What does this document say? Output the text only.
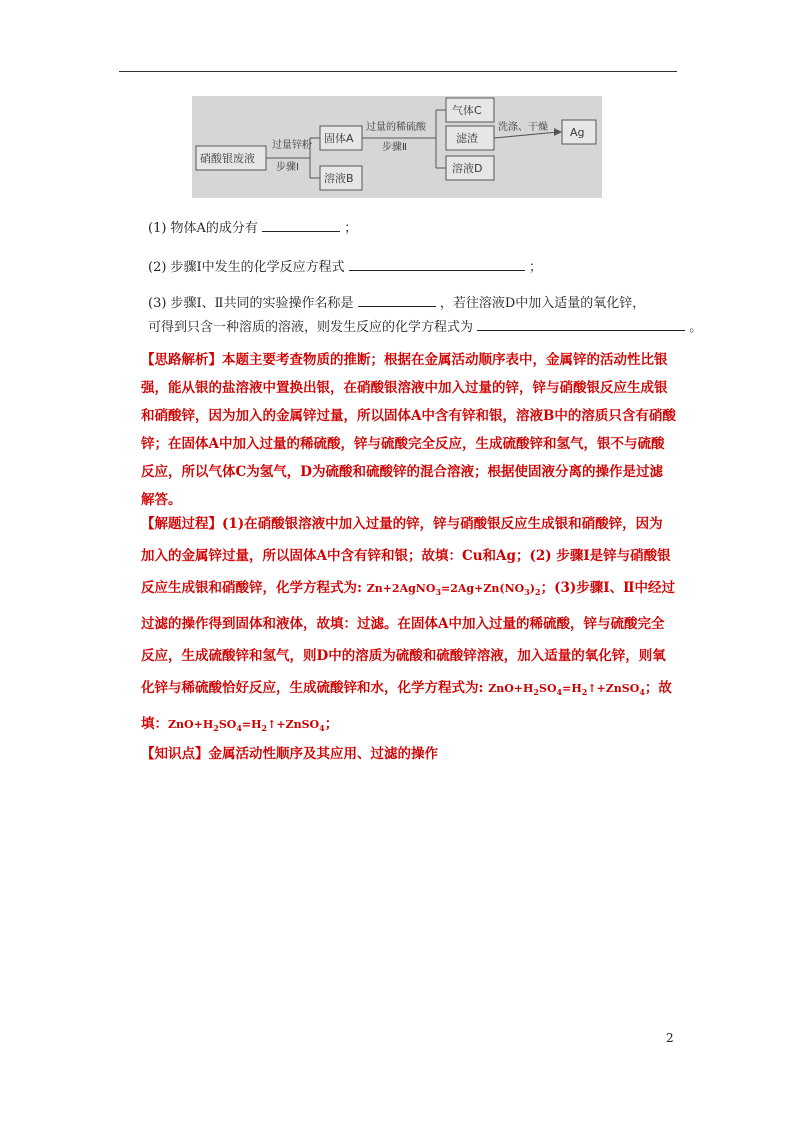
硝酸银废液
过量锌粉
步骤Ⅰ
固体A
溶液B
过量的稀硫酸
步骤Ⅱ
气体C
滤渣
溶液D
洗涤、干燥 Ag
(1) 物体A的成分有	；
(2) 步骤Ⅰ中发生的化学反应方程式	；
(3) 步骤Ⅰ、Ⅱ共同的实验操作名称是	，若往溶液D中加入适量的氧化锌，
可得到只含一种溶质的溶液，则发生反应的化学方程式为	。

【思路解析】本题主要考查物质的推断；根据在金属活动顺序表中，金属锌的活动性比银强，能从银的盐溶液中置换出银，在硝酸银溶液中加入过量的锌，锌与硝酸银反应生成银和硝酸锌，因为加入的金属锌过量，所以固体A中含有锌和银，溶液B中的溶质只含有硝酸锌；在固体A中加入过量的稀硫酸，锌与硫酸完全反应，生成硫酸锌和氢气，银不与硫酸反应，所以气体C为氢气，D为硫酸和硫酸锌的混合溶液；根据使固液分离的操作是过滤解答。

【解题过程】(1)在硝酸银溶液中加入过量的锌，锌与硝酸银反应生成银和硝酸锌，因为加入的金属锌过量，所以固体A中含有锌和银；故填：Cu和Ag；(2) 步骤Ⅰ是锌与硝酸银反应生成银和硝酸锌，化学方程式为: $Zn+2AgNO_3=2Ag+Zn(NO_3)_2$；(3)步骤Ⅰ、Ⅱ中经过过滤的操作得到固体和液体，故填：过滤。在固体A中加入过量的稀硫酸，锌与硫酸完全反应，生成硫酸锌和氢气，则D中的溶质为硫酸和硫酸锌溶液，加入适量的氧化锌，则氧化锌与稀硫酸恰好反应，生成硫酸锌和水，化学方程式为: $ZnO+H_2SO_4=H_2↑+ZnSO_4$；故填：$ZnO+H_2SO_4=H_2↑+ZnSO_4$；

【知识点】金属活动性顺序及其应用、过滤的操作

2
